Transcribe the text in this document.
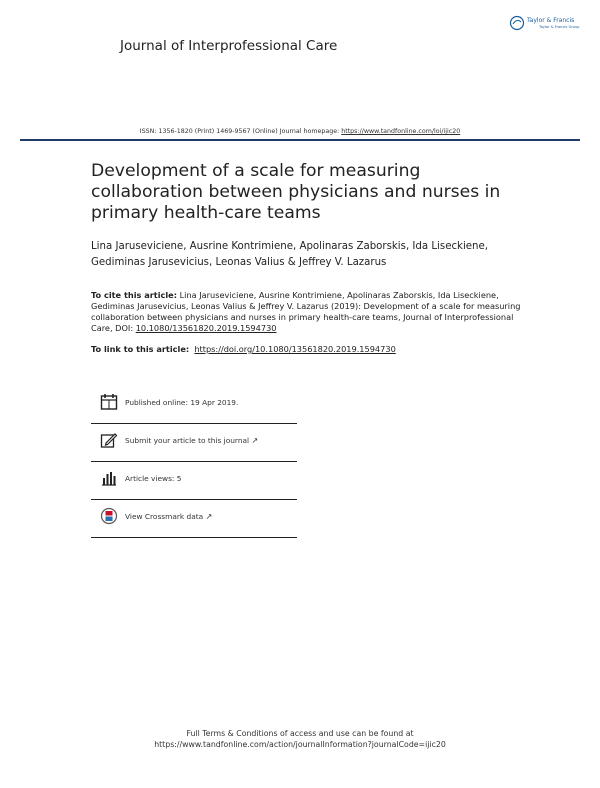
Journal of Interprofessional Care
Taylor & Francis
Taylor & Francis Group
ISSN: 1356-1820 (Print) 1469-9567 (Online) Journal homepage: https://www.tandfonline.com/loi/ijic20
Development of a scale for measuring collaboration between physicians and nurses in primary health-care teams
Lina Jaruseviciene, Ausrine Kontrimiene, Apolinaras Zaborskis, Ida Liseckiene, Gediminas Jarusevicius, Leonas Valius & Jeffrey V. Lazarus
To cite this article: Lina Jaruseviciene, Ausrine Kontrimiene, Apolinaras Zaborskis, Ida Liseckiene, Gediminas Jarusevicius, Leonas Valius & Jeffrey V. Lazarus (2019): Development of a scale for measuring collaboration between physicians and nurses in primary health-care teams, Journal of Interprofessional Care, DOI: 10.1080/13561820.2019.1594730
To link to this article: https://doi.org/10.1080/13561820.2019.1594730
Published online: 19 Apr 2019.
Submit your article to this journal ↗
Article views: 5
View Crossmark data ↗
Full Terms & Conditions of access and use can be found at
https://www.tandfonline.com/action/journalInformation?journalCode=ijic20
